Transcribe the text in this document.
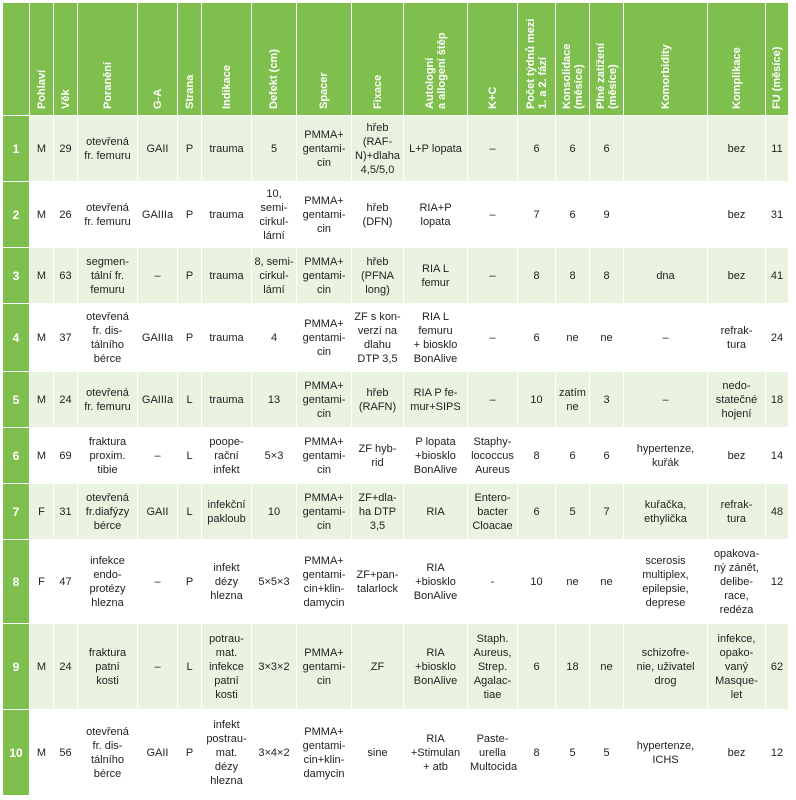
	Pohlaví	Věk	Poranění	G-A	Strana	Indikace	Defekt (cm)	Spacer	Fixace	Autologní
a allogení štěp	K+C	Počet týdnů mezi
1. a 2. fází	Konsolidace
(měsíce)	Plné zatížení
(měsíce)	Komorbidity	Komplikace	FU (měsíce)

1	M	29	otevřená
fr. femuru	GAII	P	trauma	5	PMMA+
gentami-
cin	hřeb
(RAF-
N)+dlaha
4,5/5,0	L+P lopata	–	6	6	6		bez	11
2	M	26	otevřená
fr. femuru	GAIIIa	P	trauma	10,
semi-
cirkul-
lární	PMMA+
gentami-
cin	hřeb
(DFN)	RIA+P
lopata	–	7	6	9		bez	31
3	M	63	segmen-
tální fr.
femuru	–	P	trauma	8, semi-
cirkul-
lární	PMMA+
gentami-
cin	hřeb
(PFNA
long)	RIA L
femur	–	8	8	8	dna	bez	41
4	M	37	otevřená
fr. dis-
tálního
bérce	GAIIIa	P	trauma	4	PMMA+
gentami-
cin	ZF s kon-
verzí na
dlahu
DTP 3,5	RIA L
femuru
+ biosklo
BonAlive	–	6	ne	ne	–	refrak-
tura	24
5	M	24	otevřená
fr. femuru	GAIIIa	L	trauma	13	PMMA+
gentami-
cin	hřeb
(RAFN)	RIA P fe-
mur+SIPS	–	10	zatím
ne	3	–	nedo-
statečné
hojení	18
6	M	69	fraktura
proxim.
tibie	–	L	poope-
rační
infekt	5×3	PMMA+
gentami-
cin	ZF hyb-
rid	P lopata
+biosklo
BonAlive	Staphy-
lococcus
Aureus	8	6	6	hypertenze,
kuřák	bez	14
7	F	31	otevřená
fr.diafýzy
bérce	GAII	L	infekční
pakloub	10	PMMA+
gentami-
cin	ZF+dla-
ha DTP
3,5	RIA	Entero-
bacter
Cloacae	6	5	7	kuřačka,
ethylička	refrak-
tura	48
8	F	47	infekce
endo-
protézy
hlezna	–	P	infekt
dézy
hlezna	5×5×3	PMMA+
gentami-
cin+klin-
damycin	ZF+pan-
talarlock	RIA
+biosklo
BonAlive	-	10	ne	ne	scerosis
multiplex,
epilepsie,
deprese	opakova-
ný zánět,
delibe-
race,
redéza	12
9	M	24	fraktura
patní
kosti	–	L	potrau-
mat.
infekce
patní
kosti	3×3×2	PMMA+
gentami-
cin	ZF	RIA
+biosklo
BonAlive	Staph.
Aureus,
Strep.
Agalac-
tiae	6	18	ne	schizofre-
nie, uživatel
drog	infekce,
opako-
vaný
Masque-
let	62
10	M	56	otevřená
fr. dis-
tálního
bérce	GAII	P	infekt
postrau-
mat.
dézy
hlezna	3×4×2	PMMA+
gentami-
cin+klin-
damycin	sine	RIA
+Stimulan
+ atb	Paste-
urella
Multocida	8	5	5	hypertenze,
ICHS	bez	12
